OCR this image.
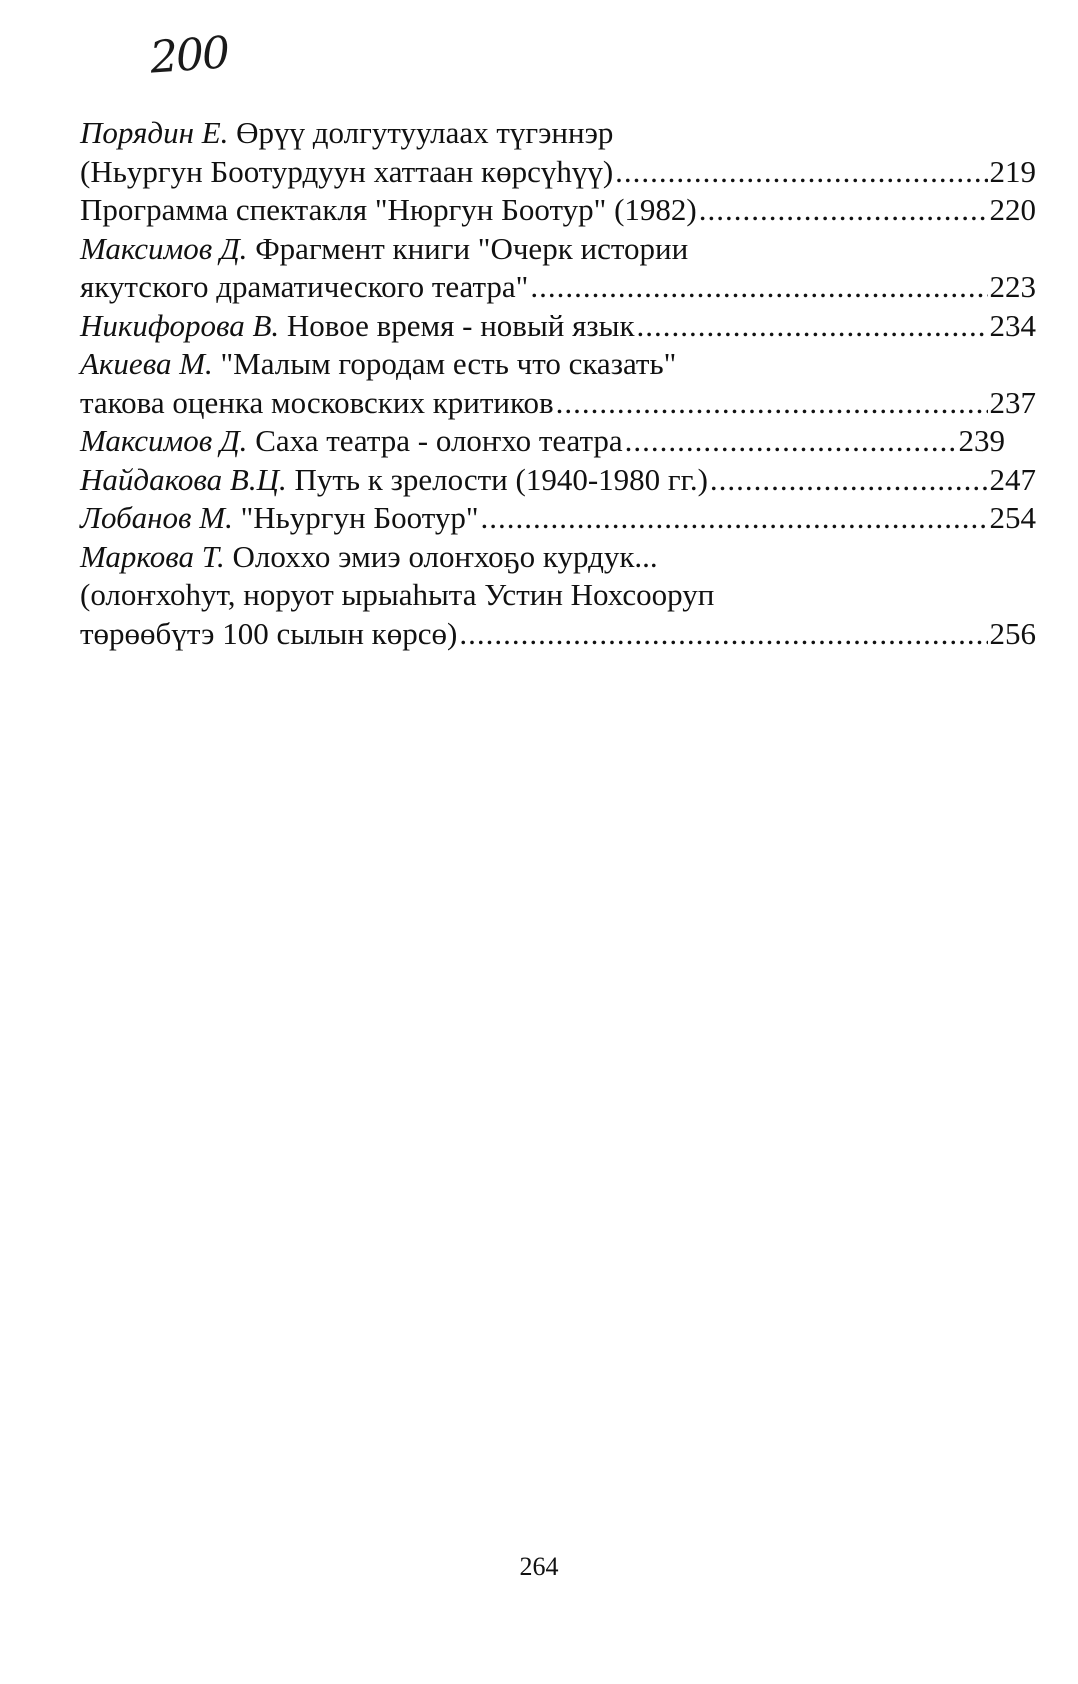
200
Порядин Е.
Өрүү долгутуулаах түгэннэр
(Ньургун Боотурдуун хаттаан көрсүһүү) .....	219
Программа спектакля "Нюргун Боотур" (1982) .....	220
Максимов Д.
Фрагмент книги "Очерк истории
якутского драматического театра" .....	223
Никифорова В.
Новое время - новый язык .....	234
Акиева М.
"Малым городам есть что сказать"
такова оценка московских критиков .....	237
Максимов Д.
Саха театра - олоҥхо театра .....	239
Найдакова В.Ц.
Путь к зрелости (1940-1980 гг.) .....	247
Лобанов М.
"Ньургун Боотур" .....	254
Маркова Т.
Олоххо эмиэ олоҥхоҕо курдук...
(олоҥхоһут, норуот ырыаһыта Устин Нохсооруп
төрөөбүтэ 100 сылын көрсө) .....	256
264
